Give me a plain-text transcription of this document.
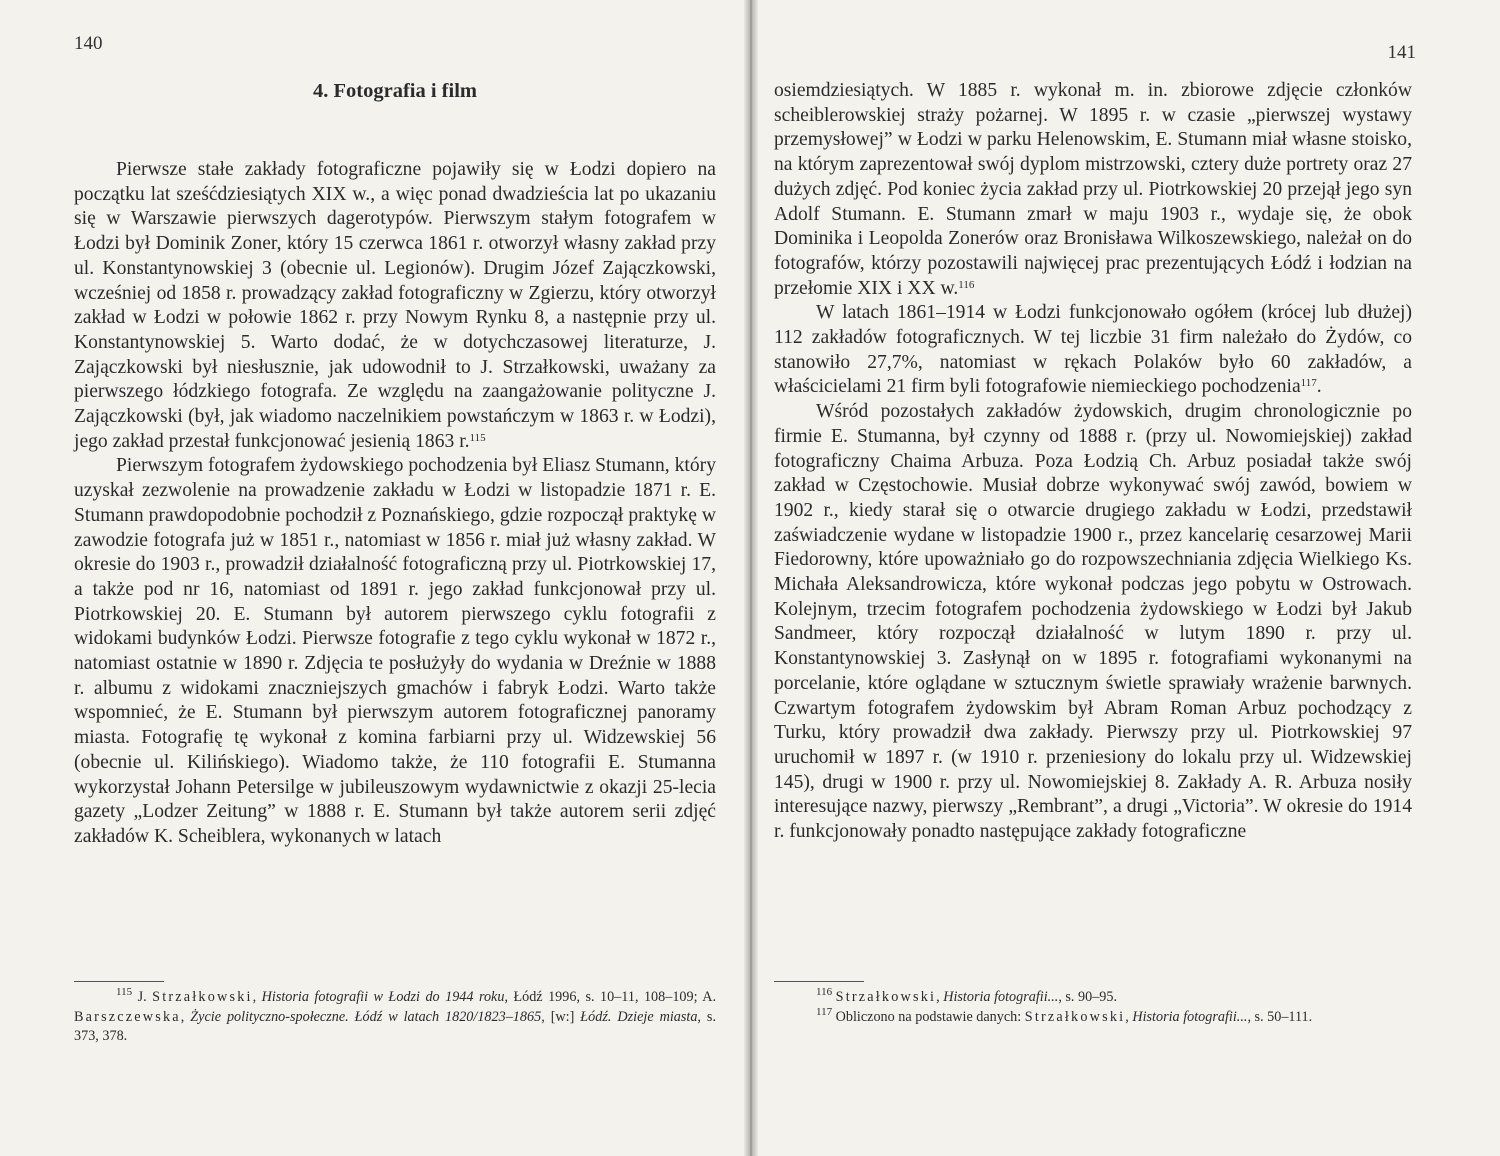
140
4. Fotografia i film

Pierwsze stałe zakłady fotograficzne pojawiły się w Łodzi dopiero na początku lat sześćdziesiątych XIX w., a więc ponad dwadzieścia lat po ukazaniu się w Warszawie pierwszych dagerotypów. Pierwszym stałym fotografem w Łodzi był Dominik Zoner, który 15 czerwca 1861 r. otworzył własny zakład przy ul. Konstantynowskiej 3 (obecnie ul. Legionów). Drugim Józef Zajączkowski, wcześniej od 1858 r. prowadzący zakład fotograficzny w Zgierzu, który otworzył zakład w Łodzi w połowie 1862 r. przy Nowym Rynku 8, a następnie przy ul. Konstantynowskiej 5. Warto dodać, że w dotychczasowej literaturze, J. Zajączkowski był niesłusznie, jak udowodnił to J. Strzałkowski, uważany za pierwszego łódzkiego fotografa. Ze względu na zaangażowanie polityczne J. Zajączkowski (był, jak wiadomo naczelnikiem powstańczym w 1863 r. w Łodzi), jego zakład przestał funkcjonować jesienią 1863 r.$^{115}$

Pierwszym fotografem żydowskiego pochodzenia był Eliasz Stumann, który uzyskał zezwolenie na prowadzenie zakładu w Łodzi w listopadzie 1871 r. E. Stumann prawdopodobnie pochodził z Poznańskiego, gdzie rozpoczął praktykę w zawodzie fotografa już w 1851 r., natomiast w 1856 r. miał już własny zakład. W okresie do 1903 r., prowadził działalność fotograficzną przy ul. Piotrkowskiej 17, a także pod nr 16, natomiast od 1891 r. jego zakład funkcjonował przy ul. Piotrkowskiej 20. E. Stumann był autorem pierwszego cyklu fotografii z widokami budynków Łodzi. Pierwsze fotografie z tego cyklu wykonał w 1872 r., natomiast ostatnie w 1890 r. Zdjęcia te posłużyły do wydania w Dreźnie w 1888 r. albumu z widokami znaczniejszych gmachów i fabryk Łodzi. Warto także wspomnieć, że E. Stumann był pierwszym autorem fotograficznej panoramy miasta. Fotografię tę wykonał z komina farbiarni przy ul. Widzewskiej 56 (obecnie ul. Kilińskiego). Wiadomo także, że 110 fotografii E. Stumanna wykorzystał Johann Petersilge w jubileuszowym wydawnictwie z okazji 25-lecia gazety „Lodzer Zeitung” w 1888 r. E. Stumann był także autorem serii zdjęć zakładów K. Scheiblera, wykonanych w latach

$^{115}$ J. Strzałkowski, Historia fotografii w Łodzi do 1944 roku, Łódź 1996, s. 10–11, 108–109; A. Barszczewska, Życie polityczno-społeczne. Łódź w latach 1820/1823–1865, [w:] Łódź. Dzieje miasta, s. 373, 378.

141

osiemdziesiątych. W 1885 r. wykonał m. in. zbiorowe zdjęcie członków scheiblerowskiej straży pożarnej. W 1895 r. w czasie „pierwszej wystawy przemysłowej” w Łodzi w parku Helenowskim, E. Stumann miał własne stoisko, na którym zaprezentował swój dyplom mistrzowski, cztery duże portrety oraz 27 dużych zdjęć. Pod koniec życia zakład przy ul. Piotrkowskiej 20 przejął jego syn Adolf Stumann. E. Stumann zmarł w maju 1903 r., wydaje się, że obok Dominika i Leopolda Zonerów oraz Bronisława Wilkoszewskiego, należał on do fotografów, którzy pozostawili najwięcej prac prezentujących Łódź i łodzian na przełomie XIX i XX w.$^{116}$

W latach 1861–1914 w Łodzi funkcjonowało ogółem (krócej lub dłużej) 112 zakładów fotograficznych. W tej liczbie 31 firm należało do Żydów, co stanowiło 27,7%, natomiast w rękach Polaków było 60 zakładów, a właścicielami 21 firm byli fotografowie niemieckiego pochodzenia$^{117}$.

Wśród pozostałych zakładów żydowskich, drugim chronologicznie po firmie E. Stumanna, był czynny od 1888 r. (przy ul. Nowomiejskiej) zakład fotograficzny Chaima Arbuza. Poza Łodzią Ch. Arbuz posiadał także swój zakład w Częstochowie. Musiał dobrze wykonywać swój zawód, bowiem w 1902 r., kiedy starał się o otwarcie drugiego zakładu w Łodzi, przedstawił zaświadczenie wydane w listopadzie 1900 r., przez kancelarię cesarzowej Marii Fiedorowny, które upoważniało go do rozpowszechniania zdjęcia Wielkiego Ks. Michała Aleksandrowicza, które wykonał podczas jego pobytu w Ostrowach. Kolejnym, trzecim fotografem pochodzenia żydowskiego w Łodzi był Jakub Sandmeer, który rozpoczął działalność w lutym 1890 r. przy ul. Konstantynowskiej 3. Zasłynął on w 1895 r. fotografiami wykonanymi na porcelanie, które oglądane w sztucznym świetle sprawiały wrażenie barwnych. Czwartym fotografem żydowskim był Abram Roman Arbuz pochodzący z Turku, który prowadził dwa zakłady. Pierwszy przy ul. Piotrkowskiej 97 uruchomił w 1897 r. (w 1910 r. przeniesiony do lokalu przy ul. Widzewskiej 145), drugi w 1900 r. przy ul. Nowomiejskiej 8. Zakłady A. R. Arbuza nosiły interesujące nazwy, pierwszy „Rembrant”, a drugi „Victoria”. W okresie do 1914 r. funkcjonowały ponadto następujące zakłady fotograficzne

$^{116}$ Strzałkowski, Historia fotografii..., s. 90–95.

$^{117}$ Obliczono na podstawie danych: Strzałkowski, Historia fotografii..., s. 50–111.
